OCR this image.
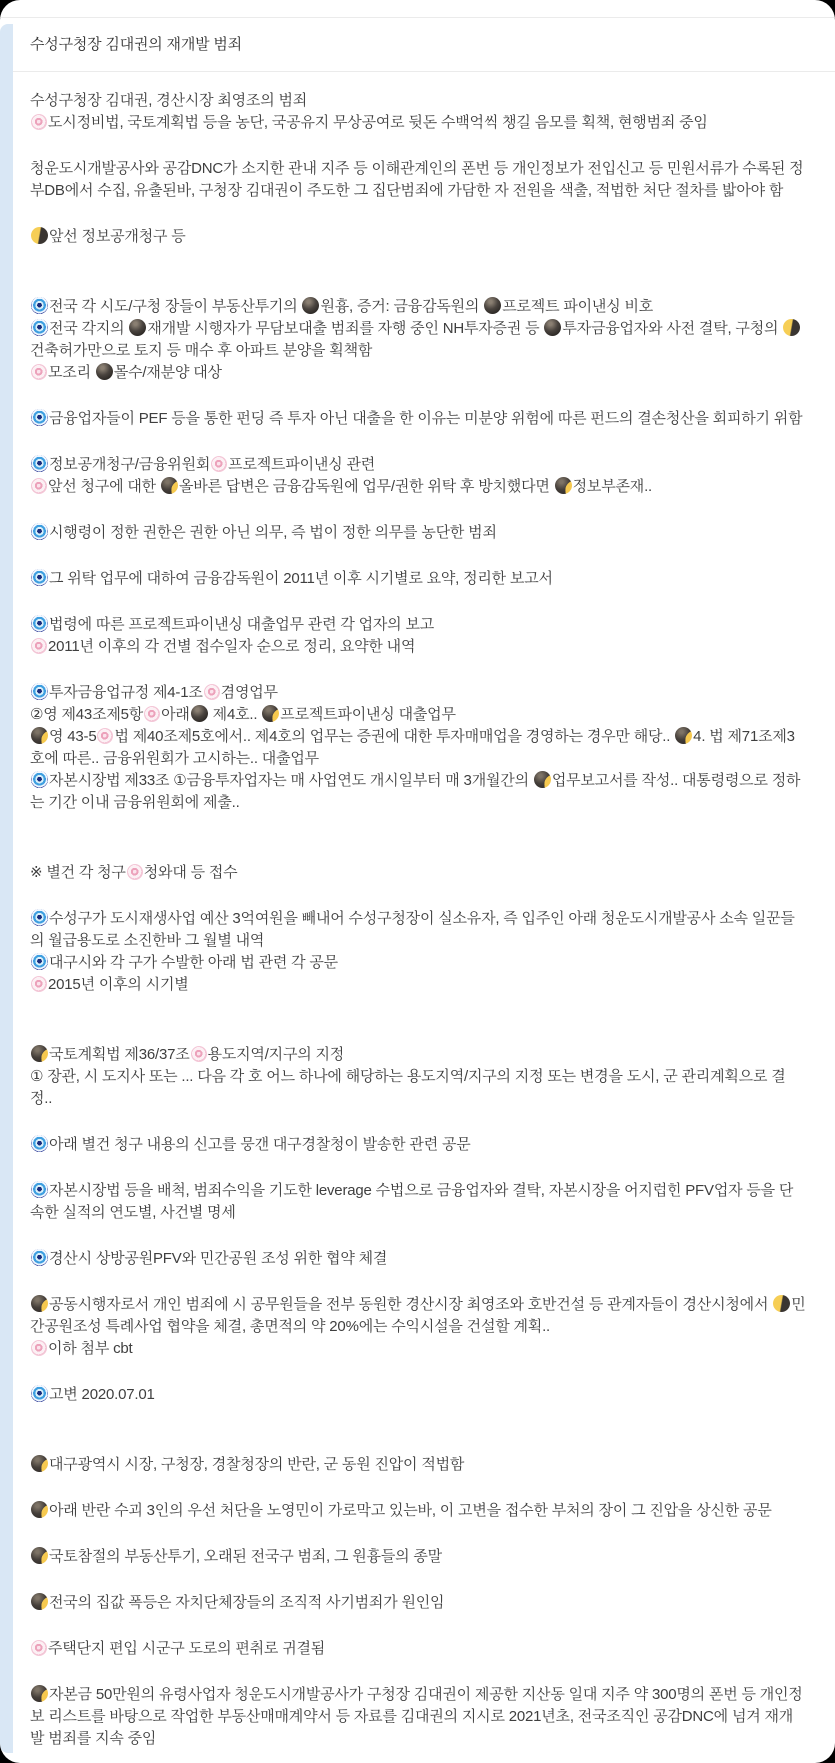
수성구청장 김대권의 재개발 범죄
수성구청장 김대권, 경산시장 최영조의 범죄
도시정비법, 국토계획법 등을 농단, 국공유지 무상공여로 뒷돈 수백억씩 챙길 음모를 획책, 현행범죄 중임
청운도시개발공사와 공감DNC가 소지한 관내 지주 등 이해관계인의 폰번 등 개인정보가 전입신고 등 민원서류가 수록된 정부DB에서 수집, 유출된바, 구청장 김대권이 주도한 그 집단범죄에 가담한 자 전원을 색출, 적법한 처단 절차를 밟아야 함
앞선 정보공개청구 등
전국 각 시도/구청 장들이 부동산투기의 원흉, 증거: 금융감독원의 프로젝트 파이낸싱 비호
전국 각지의 재개발 시행자가 무담보대출 범죄를 자행 중인 NH투자증권 등 투자금융업자와 사전 결탁, 구청의 건축허가만으로 토지 등 매수 후 아파트 분양을 획책함
모조리 몰수/재분양 대상
금융업자들이 PEF 등을 통한 펀딩 즉 투자 아닌 대출을 한 이유는 미분양 위험에 따른 펀드의 결손청산을 회피하기 위함
정보공개청구/금융위원회 프로젝트파이낸싱 관련
앞선 청구에 대한 올바른 답변은 금융감독원에 업무/권한 위탁 후 방치했다면 정보부존재..
시행령이 정한 권한은 권한 아닌 의무, 즉 법이 정한 의무를 농단한 범죄
그 위탁 업무에 대하여 금융감독원이 2011년 이후 시기별로 요약, 정리한 보고서
법령에 따른 프로젝트파이낸싱 대출업무 관련 각 업자의 보고
2011년 이후의 각 건별 접수일자 순으로 정리, 요약한 내역
투자금융업규정 제4-1조 겸영업무
②영 제43조제5항 아래 제4호.. 프로젝트파이낸싱 대출업무
영 43-5 법 제40조제5호에서.. 제4호의 업무는 증권에 대한 투자매매업을 경영하는 경우만 해당.. 4. 법 제71조제3호에 따른.. 금융위원회가 고시하는.. 대출업무
자본시장법 제33조 ①금융투자업자는 매 사업연도 개시일부터 매 3개월간의 업무보고서를 작성.. 대통령령으로 정하는 기간 이내 금융위원회에 제출..
※ 별건 각 청구 청와대 등 접수
수성구가 도시재생사업 예산 3억여원을 빼내어 수성구청장이 실소유자, 즉 입주인 아래 청운도시개발공사 소속 일꾼들의 월급용도로 소진한바 그 월별 내역
대구시와 각 구가 수발한 아래 법 관련 각 공문
2015년 이후의 시기별
국토계획법 제36/37조 용도지역/지구의 지정
① 장관, 시 도지사 또는 ... 다음 각 호 어느 하나에 해당하는 용도지역/지구의 지정 또는 변경을 도시, 군 관리계획으로 결정..
아래 별건 청구 내용의 신고를 뭉갠 대구경찰청이 발송한 관련 공문
자본시장법 등을 배척, 범죄수익을 기도한 leverage 수법으로 금융업자와 결탁, 자본시장을 어지럽힌 PFV업자 등을 단속한 실적의 연도별, 사건별 명세
경산시 상방공원PFV와 민간공원 조성 위한 협약 체결
공동시행자로서 개인 범죄에 시 공무원들을 전부 동원한 경산시장 최영조와 호반건설 등 관계자들이 경산시청에서 민간공원조성 특례사업 협약을 체결, 총면적의 약 20%에는 수익시설을 건설할 계획..
이하 첨부 cbt
고변 2020.07.01
대구광역시 시장, 구청장, 경찰청장의 반란, 군 동원 진압이 적법함
아래 반란 수괴 3인의 우선 처단을 노영민이 가로막고 있는바, 이 고변을 접수한 부처의 장이 그 진압을 상신한 공문
국토참절의 부동산투기, 오래된 전국구 범죄, 그 원흉들의 종말
전국의 집값 폭등은 자치단체장들의 조직적 사기범죄가 원인임
주택단지 편입 시군구 도로의 편취로 귀결됨
자본금 50만원의 유령사업자 청운도시개발공사가 구청장 김대권이 제공한 지산동 일대 지주 약 300명의 폰번 등 개인정보 리스트를 바탕으로 작업한 부동산매매계약서 등 자료를 김대권의 지시로 2021년초, 전국조직인 공감DNC에 넘겨 재개발 범죄를 지속 중임
